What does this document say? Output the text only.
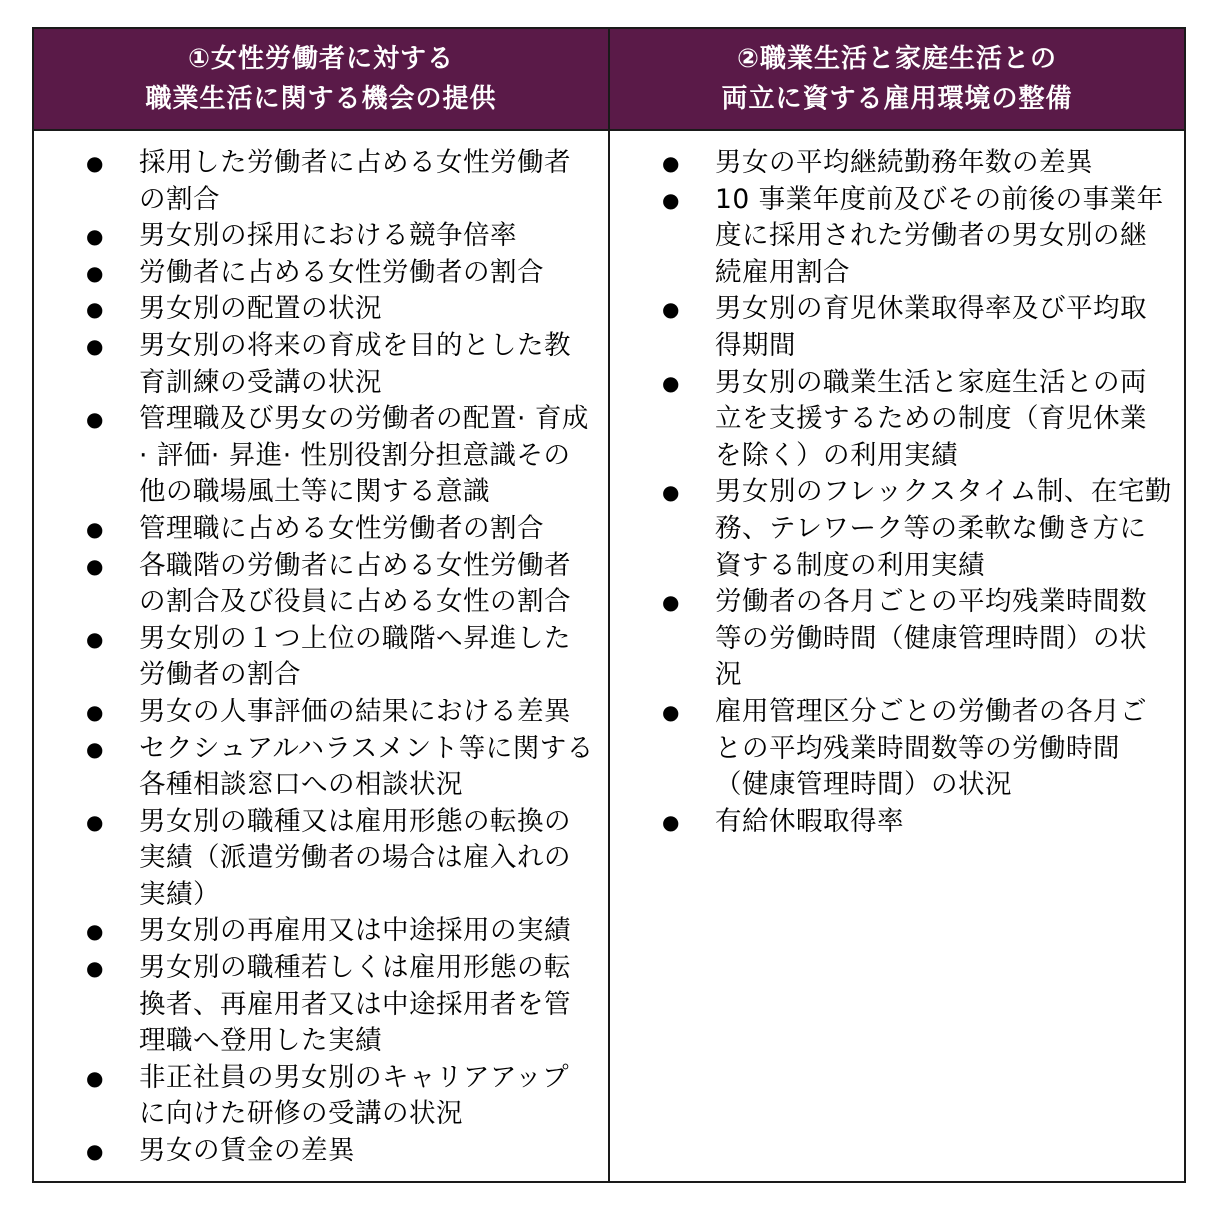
①女性労働者に対する
職業生活に関する機会の提供
②職業生活と家庭生活との
両立に資する雇用環境の整備
● 採用した労働者に占める女性労働者の割合
● 男女別の採用における競争倍率
● 労働者に占める女性労働者の割合
● 男女別の配置の状況
● 男女別の将来の育成を目的とした教育訓練の受講の状況
● 管理職及び男女の労働者の配置· 育成· 評価· 昇進· 性別役割分担意識その他の職場風土等に関する意識
● 管理職に占める女性労働者の割合
● 各職階の労働者に占める女性労働者の割合及び役員に占める女性の割合
● 男女別の１つ上位の職階へ昇進した労働者の割合
● 男女の人事評価の結果における差異
● セクシュアルハラスメント等に関する各種相談窓口への相談状況
● 男女別の職種又は雇用形態の転換の実績（派遣労働者の場合は雇入れの実績）
● 男女別の再雇用又は中途採用の実績
● 男女別の職種若しくは雇用形態の転換者、再雇用者又は中途採用者を管理職へ登用した実績
● 非正社員の男女別のキャリアアップに向けた研修の受講の状況
● 男女の賃金の差異
● 男女の平均継続勤務年数の差異
● 10 事業年度前及びその前後の事業年度に採用された労働者の男女別の継続雇用割合
● 男女別の育児休業取得率及び平均取得期間
● 男女別の職業生活と家庭生活との両立を支援するための制度（育児休業を除く）の利用実績
● 男女別のフレックスタイム制、在宅勤務、テレワーク等の柔軟な働き方に資する制度の利用実績
● 労働者の各月ごとの平均残業時間数等の労働時間（健康管理時間）の状況
● 雇用管理区分ごとの労働者の各月ごとの平均残業時間数等の労働時間（健康管理時間）の状況
● 有給休暇取得率
